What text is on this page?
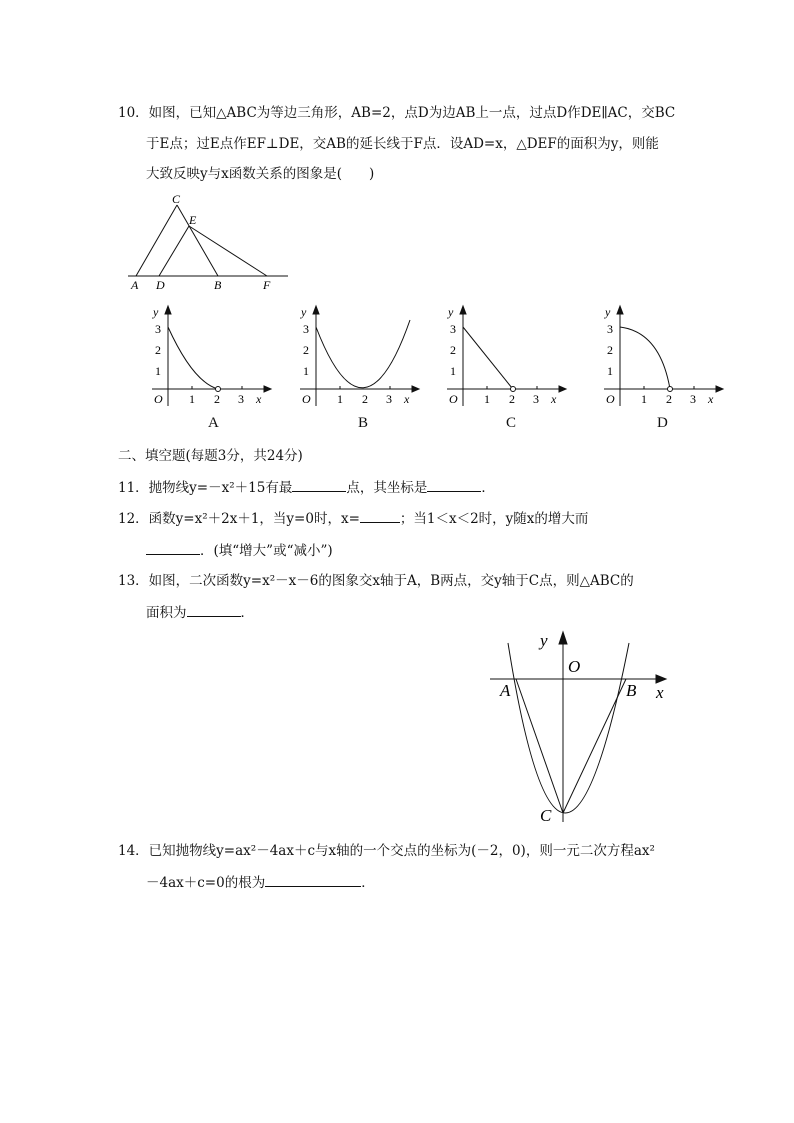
10．如图，已知△ABC为等边三角形，AB=2，点D为边AB上一点，过点D作DE∥AC，交BC
于E点；过E点作EF⊥DE，交AB的延长线于F点．设AD=x，△DEF的面积为y，则能
大致反映y与x函数关系的图象是(　　)
A D	B	F
C
E
y
3
2
1
O 1 2 3 x
A
y
3
2
1
O 1 2 3 x
B
y
3
2
1
O 1 2 3 x
C
y
3
2
1
O 1 2 3 x
D
二、填空题(每题3分，共24分)
11．抛物线y=－x²＋15有最	点，其坐标是	．
12．函数y=x²＋2x＋1，当y=0时，x=	；当1＜x＜2时，y随x的增大而
．(填“增大”或“减小”)
13．如图，二次函数y=x²－x－6的图象交x轴于A，B两点，交y轴于C点，则△ABC的
面积为	．
y
O
A	B x
C
14．已知抛物线y=ax²－4ax＋c与x轴的一个交点的坐标为(－2，0)，则一元二次方程ax²
－4ax＋c=0的根为	．
